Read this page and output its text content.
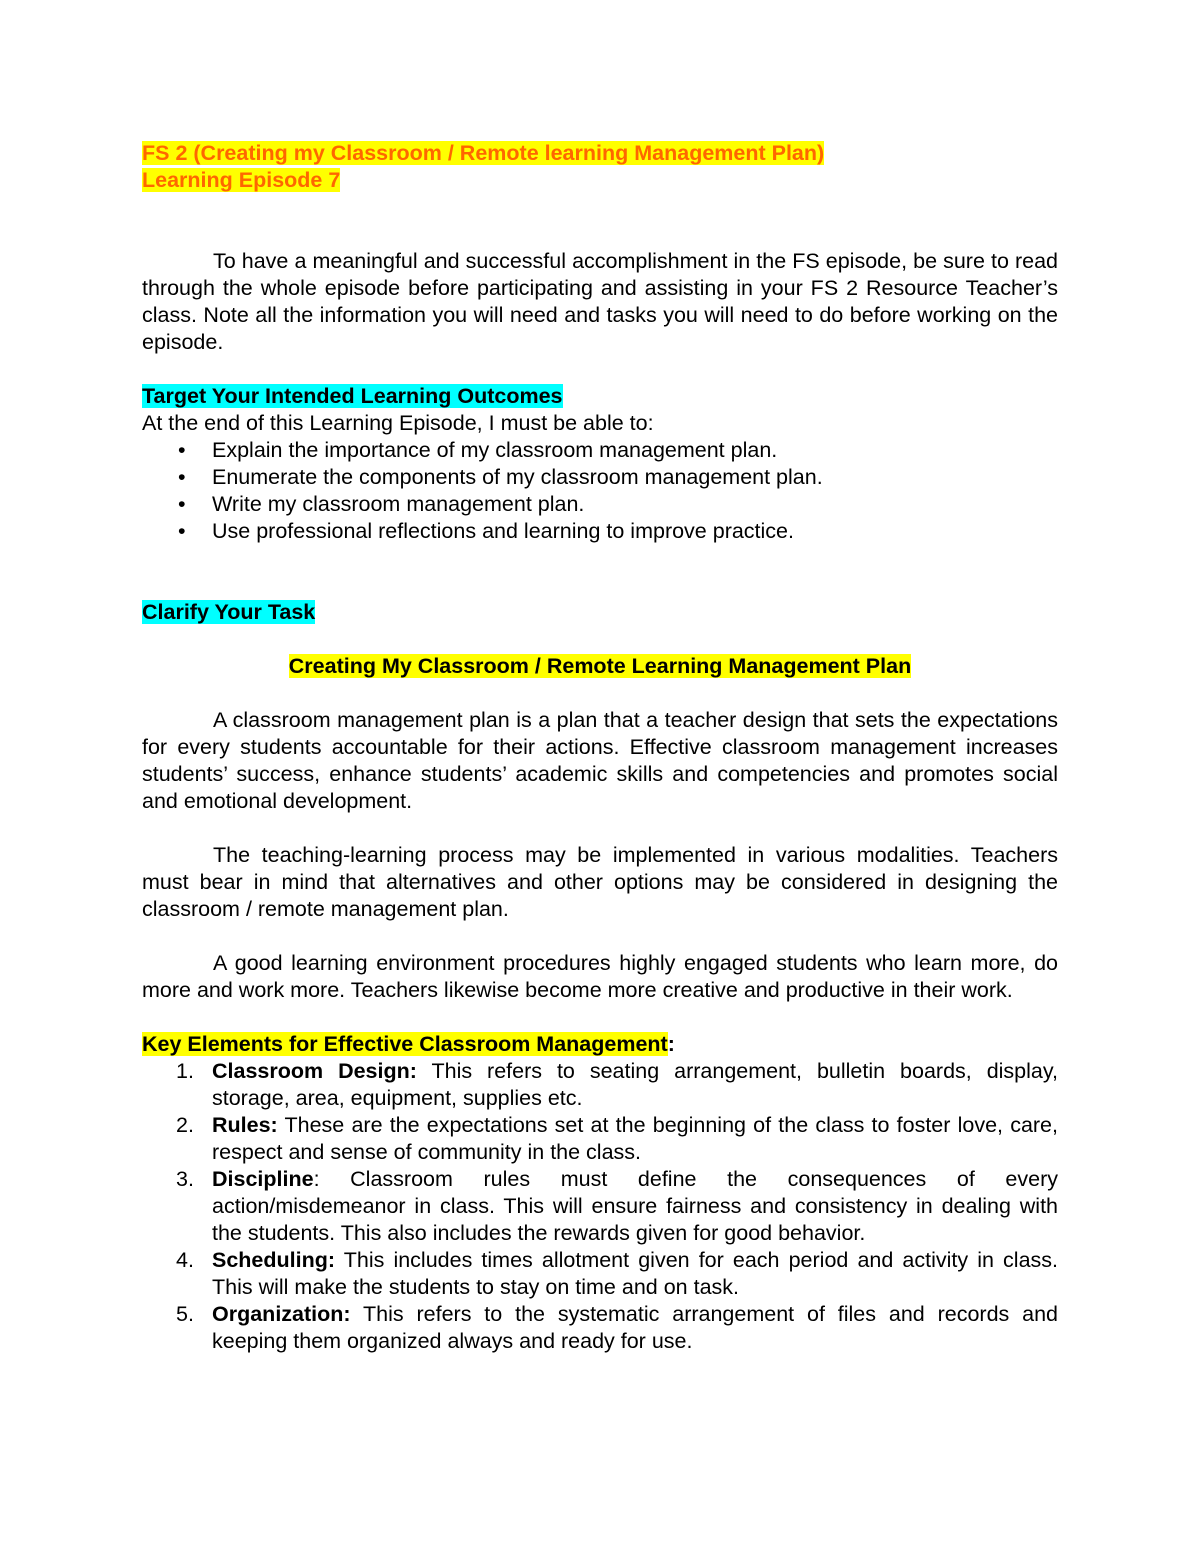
FS 2 (Creating my Classroom / Remote learning Management Plan)

Learning Episode 7

To have a meaningful and successful accomplishment in the FS episode, be sure to read through the whole episode before participating and assisting in your FS 2 Resource Teacher’s class. Note all the information you will need and tasks you will need to do before working on the episode.

Target Your Intended Learning Outcomes

At the end of this Learning Episode, I must be able to:

• Explain the importance of my classroom management plan.
• Enumerate the components of my classroom management plan.
• Write my classroom management plan.
• Use professional reflections and learning to improve practice.
Clarify Your Task
Creating My Classroom / Remote Learning Management Plan

A classroom management plan is a plan that a teacher design that sets the expectations for every students accountable for their actions. Effective classroom management increases students’ success, enhance students’ academic skills and competencies and promotes social and emotional development.

The teaching-learning process may be implemented in various modalities. Teachers must bear in mind that alternatives and other options may be considered in designing the classroom / remote management plan.

A good learning environment procedures highly engaged students who learn more, do more and work more. Teachers likewise become more creative and productive in their work.

Key Elements for Effective Classroom Management:
1. Classroom Design: This refers to seating arrangement, bulletin boards, display, storage, area, equipment, supplies etc.
2. Rules: These are the expectations set at the beginning of the class to foster love, care, respect and sense of community in the class.
3. Discipline: Classroom rules must define the consequences of every action/misdemeanor in class. This will ensure fairness and consistency in dealing with the students. This also includes the rewards given for good behavior.
4. Scheduling: This includes times allotment given for each period and activity in class. This will make the students to stay on time and on task.
5. Organization: This refers to the systematic arrangement of files and records and keeping them organized always and ready for use.
